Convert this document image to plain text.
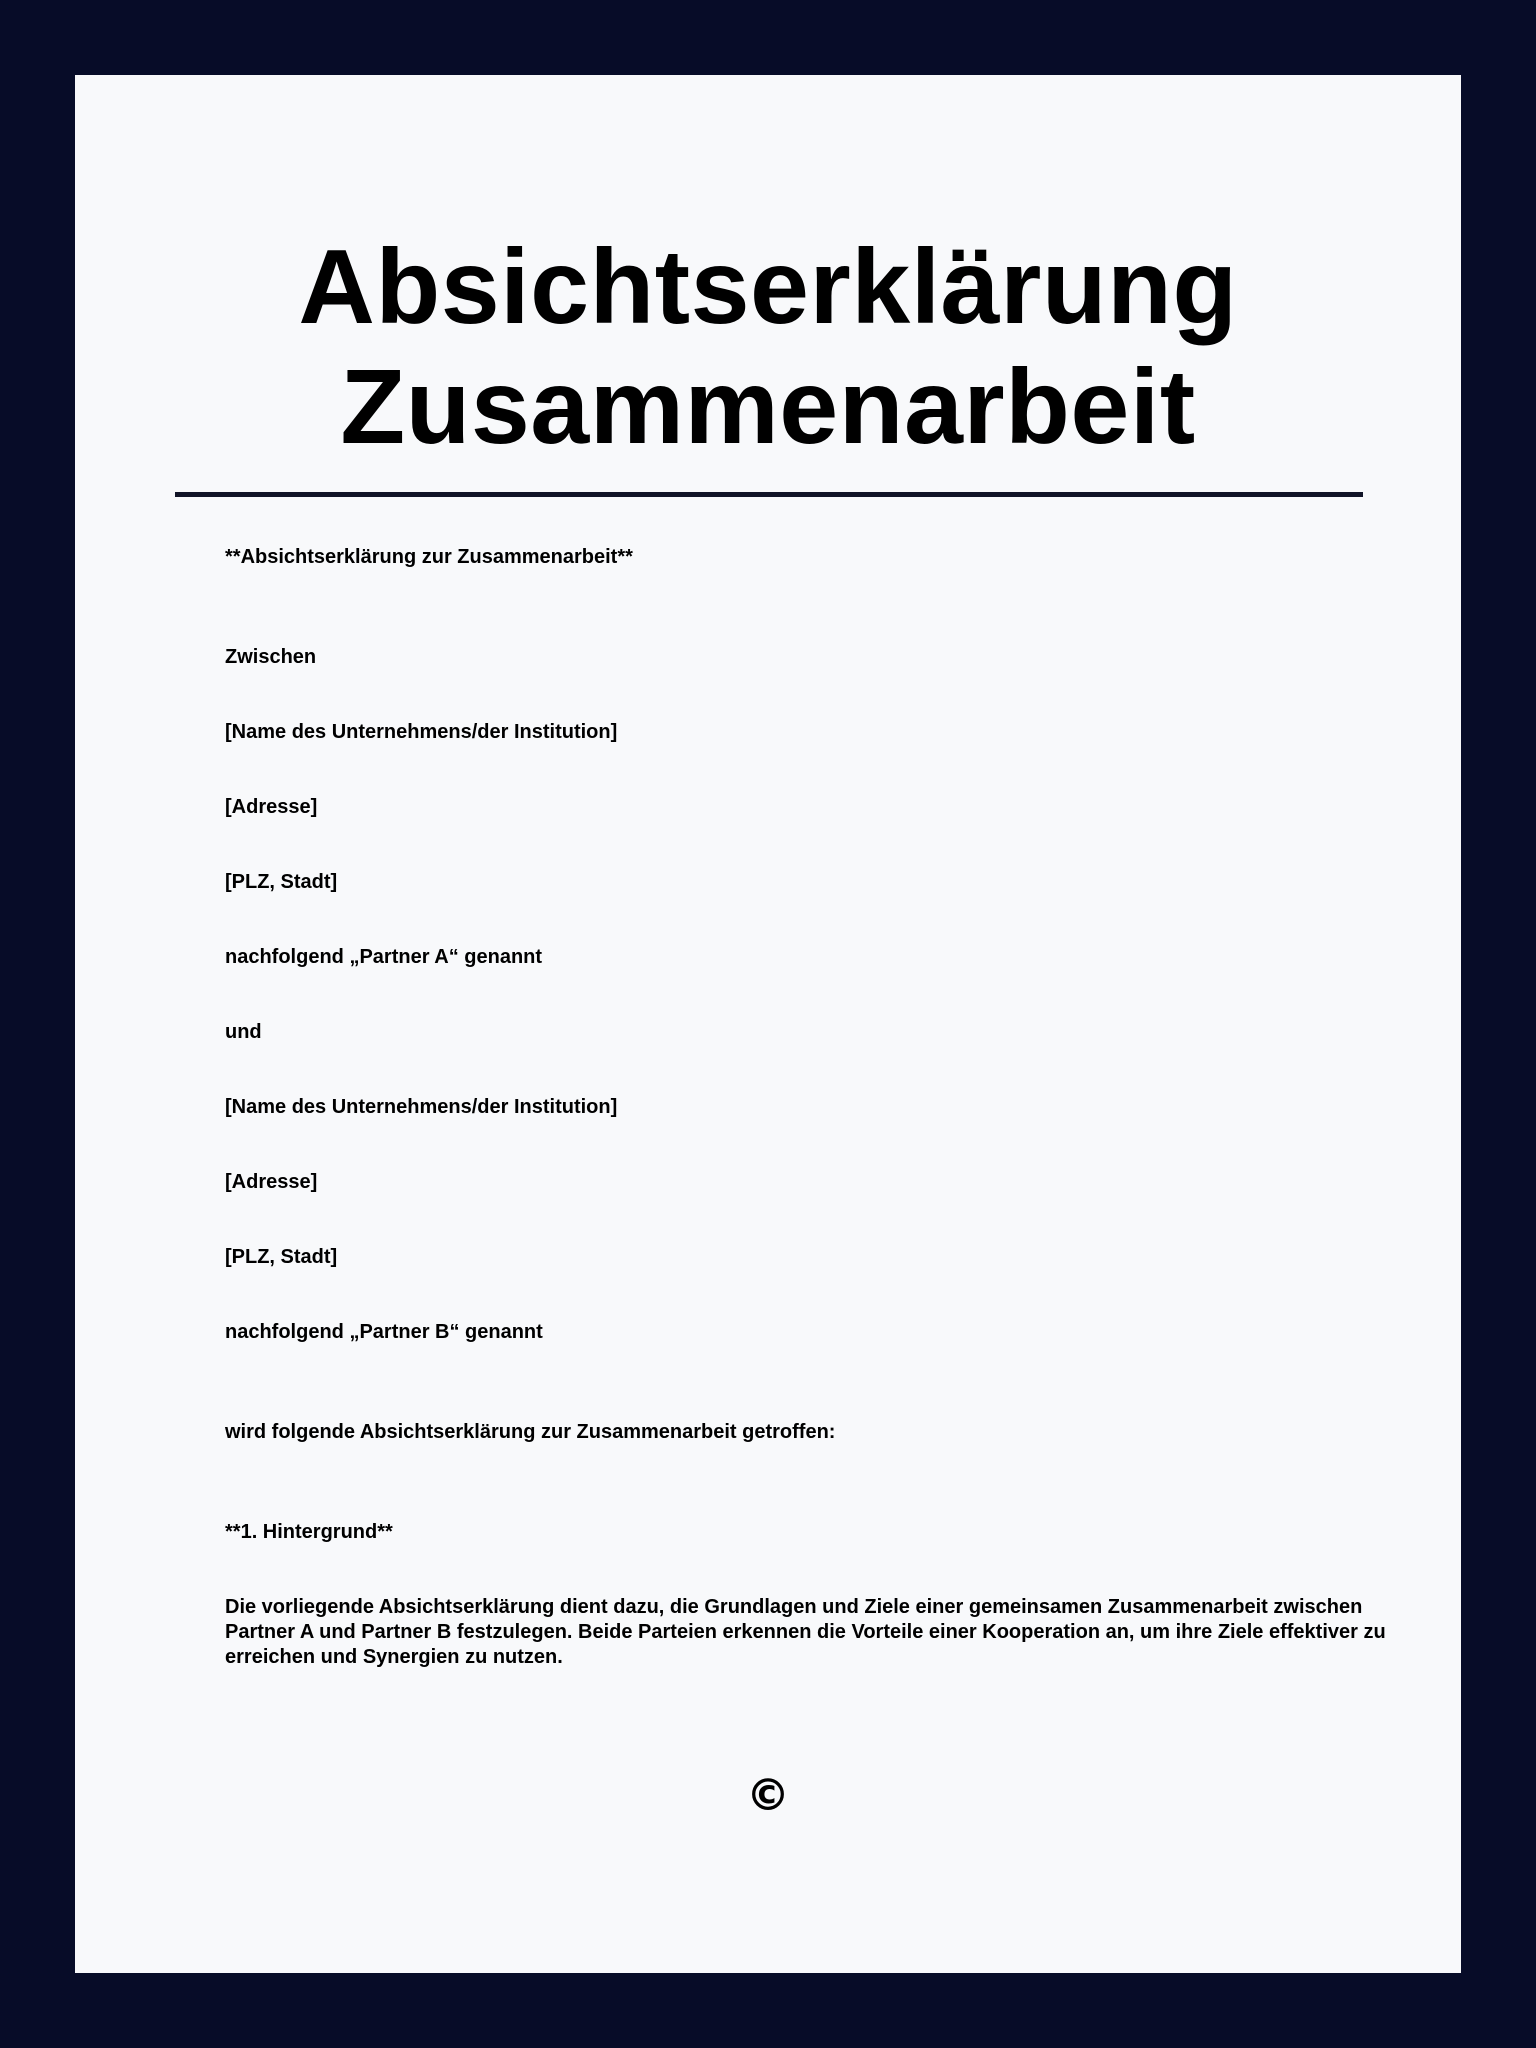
Absichtserklärung
Zusammenarbeit

**Absichtserklärung zur Zusammenarbeit**

Zwischen

[Name des Unternehmens/der Institution]

[Adresse]

[PLZ, Stadt]

nachfolgend „Partner A“ genannt

und

[Name des Unternehmens/der Institution]

[Adresse]

[PLZ, Stadt]

nachfolgend „Partner B“ genannt

wird folgende Absichtserklärung zur Zusammenarbeit getroffen:

**1. Hintergrund**

Die vorliegende Absichtserklärung dient dazu, die Grundlagen und Ziele einer gemeinsamen Zusammenarbeit zwischen Partner A und Partner B festzulegen. Beide Parteien erkennen die Vorteile einer Kooperation an, um ihre Ziele effektiver zu erreichen und Synergien zu nutzen.

©
